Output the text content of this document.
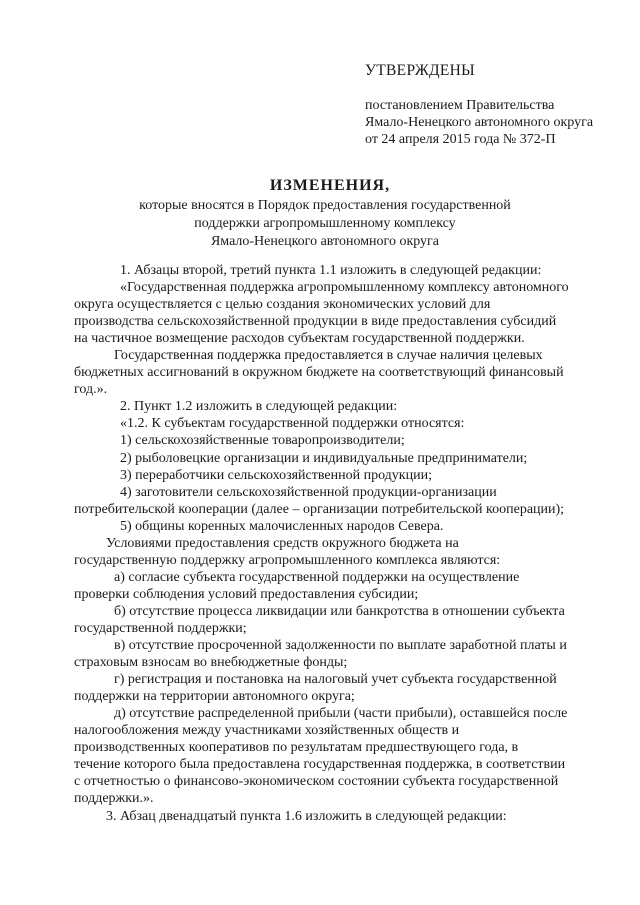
УТВЕРЖДЕНЫ
постановлением Правительства
Ямало-Ненецкого автономного округа
от 24 апреля 2015 года № 372-П
ИЗМЕНЕНИЯ,
которые вносятся в Порядок предоставления государственной
поддержки агропромышленному комплексу
Ямало-Ненецкого автономного округа
1. Абзацы второй, третий пункта 1.1 изложить в следующей редакции:
«Государственная поддержка агропромышленному комплексу автономного
округа осуществляется с целью создания экономических условий для
производства сельскохозяйственной продукции в виде предоставления субсидий
на частичное возмещение расходов субъектам государственной поддержки.
Государственная поддержка предоставляется в случае наличия целевых
бюджетных ассигнований в окружном бюджете на соответствующий финансовый
год.».
2. Пункт 1.2 изложить в следующей редакции:
«1.2. К субъектам государственной поддержки относятся:
1) сельскохозяйственные товаропроизводители;
2) рыболовецкие организации и индивидуальные предприниматели;
3) переработчики сельскохозяйственной продукции;
4) заготовители сельскохозяйственной продукции-организации
потребительской кооперации (далее – организации потребительской кооперации);
5) общины коренных малочисленных народов Севера.
Условиями предоставления средств окружного бюджета на
государственную поддержку агропромышленного комплекса являются:
а) согласие субъекта государственной поддержки на осуществление
проверки соблюдения условий предоставления субсидии;
б) отсутствие процесса ликвидации или банкротства в отношении субъекта
государственной поддержки;
в) отсутствие просроченной задолженности по выплате заработной платы и
страховым взносам во внебюджетные фонды;
г) регистрация и постановка на налоговый учет субъекта государственной
поддержки на территории автономного округа;
д) отсутствие распределенной прибыли (части прибыли), оставшейся после
налогообложения между участниками хозяйственных обществ и
производственных кооперативов по результатам предшествующего года, в
течение которого была предоставлена государственная поддержка, в соответствии
с отчетностью о финансово-экономическом состоянии субъекта государственной
поддержки.».
3. Абзац двенадцатый пункта 1.6 изложить в следующей редакции:
